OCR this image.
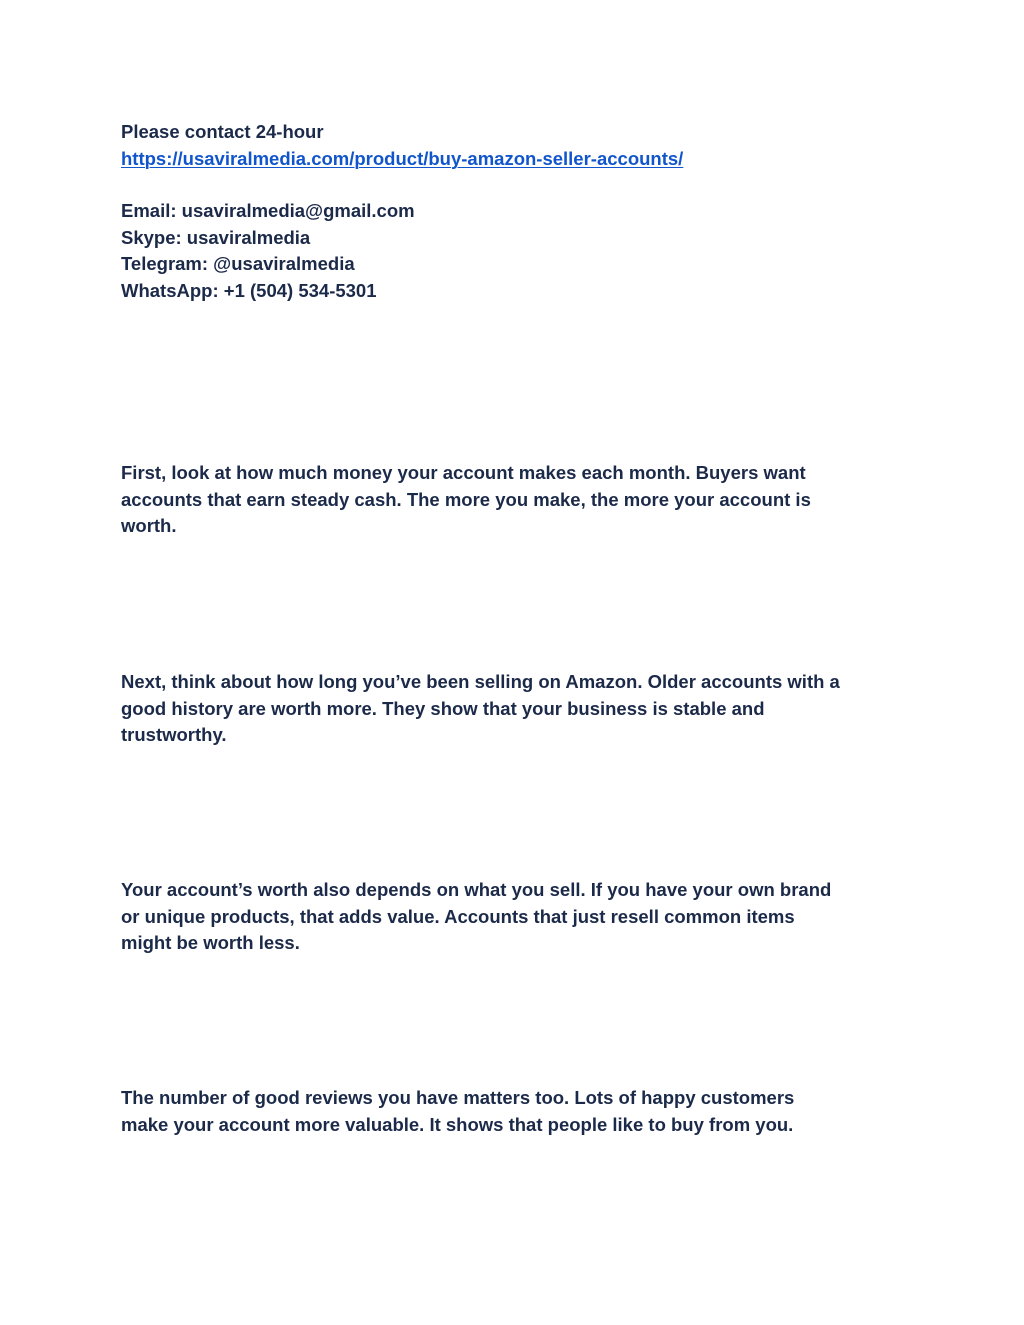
Please contact 24-hour
https://usaviralmedia.com/product/buy-amazon-seller-accounts/
Email: usaviralmedia@gmail.com
Skype: usaviralmedia
Telegram: @usaviralmedia
WhatsApp: +1 (504) 534-5301
First, look at how much money your account makes each month. Buyers want
accounts that earn steady cash. The more you make, the more your account is
worth.
Next, think about how long you’ve been selling on Amazon. Older accounts with a
good history are worth more. They show that your business is stable and
trustworthy.
Your account’s worth also depends on what you sell. If you have your own brand
or unique products, that adds value. Accounts that just resell common items
might be worth less.
The number of good reviews you have matters too. Lots of happy customers
make your account more valuable. It shows that people like to buy from you.
